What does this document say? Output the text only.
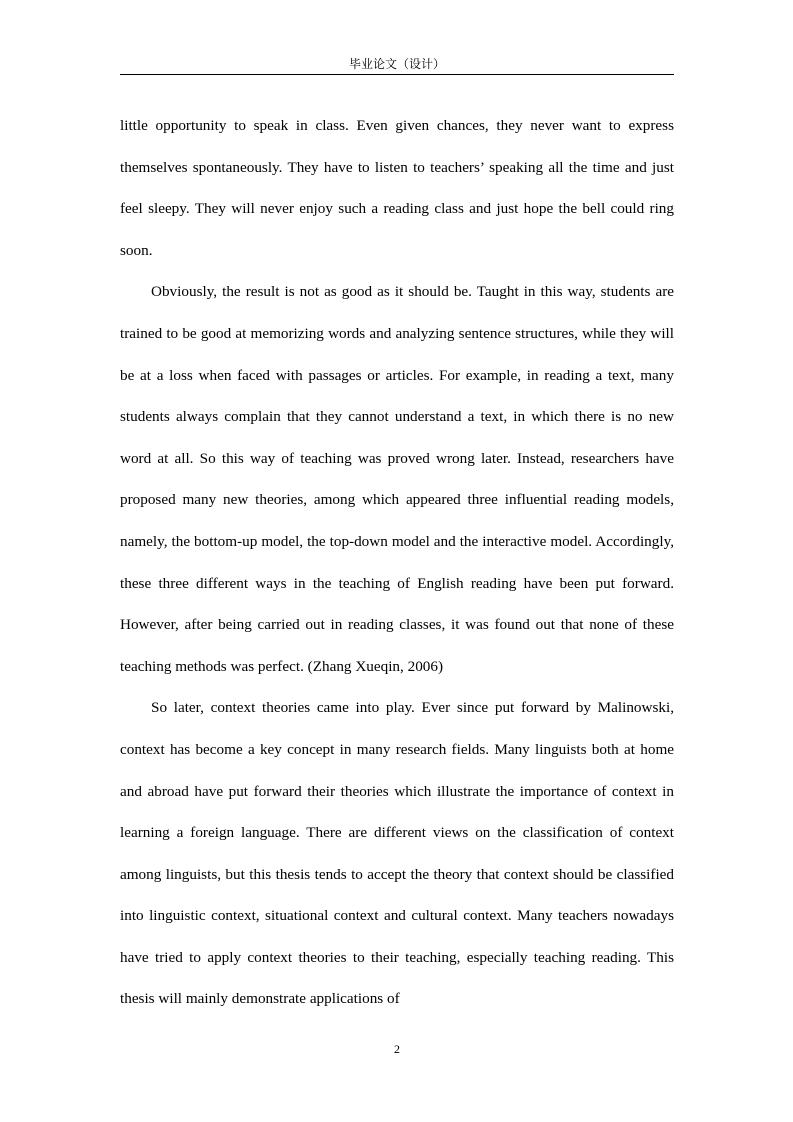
毕业论文（设计）

little opportunity to speak in class. Even given chances, they never want to express themselves spontaneously. They have to listen to teachers’ speaking all the time and just feel sleepy. They will never enjoy such a reading class and just hope the bell could ring soon.

Obviously, the result is not as good as it should be. Taught in this way, students are trained to be good at memorizing words and analyzing sentence structures, while they will be at a loss when faced with passages or articles. For example, in reading a text, many students always complain that they cannot understand a text, in which there is no new word at all. So this way of teaching was proved wrong later. Instead, researchers have proposed many new theories, among which appeared three influential reading models, namely, the bottom-up model, the top-down model and the interactive model. Accordingly, these three different ways in the teaching of English reading have been put forward. However, after being carried out in reading classes, it was found out that none of these teaching methods was perfect. (Zhang Xueqin, 2006)

So later, context theories came into play. Ever since put forward by Malinowski, context has become a key concept in many research fields. Many linguists both at home and abroad have put forward their theories which illustrate the importance of context in learning a foreign language. There are different views on the classification of context among linguists, but this thesis tends to accept the theory that context should be classified into linguistic context, situational context and cultural context. Many teachers nowadays have tried to apply context theories to their teaching, especially teaching reading. This thesis will mainly demonstrate applications of

2
